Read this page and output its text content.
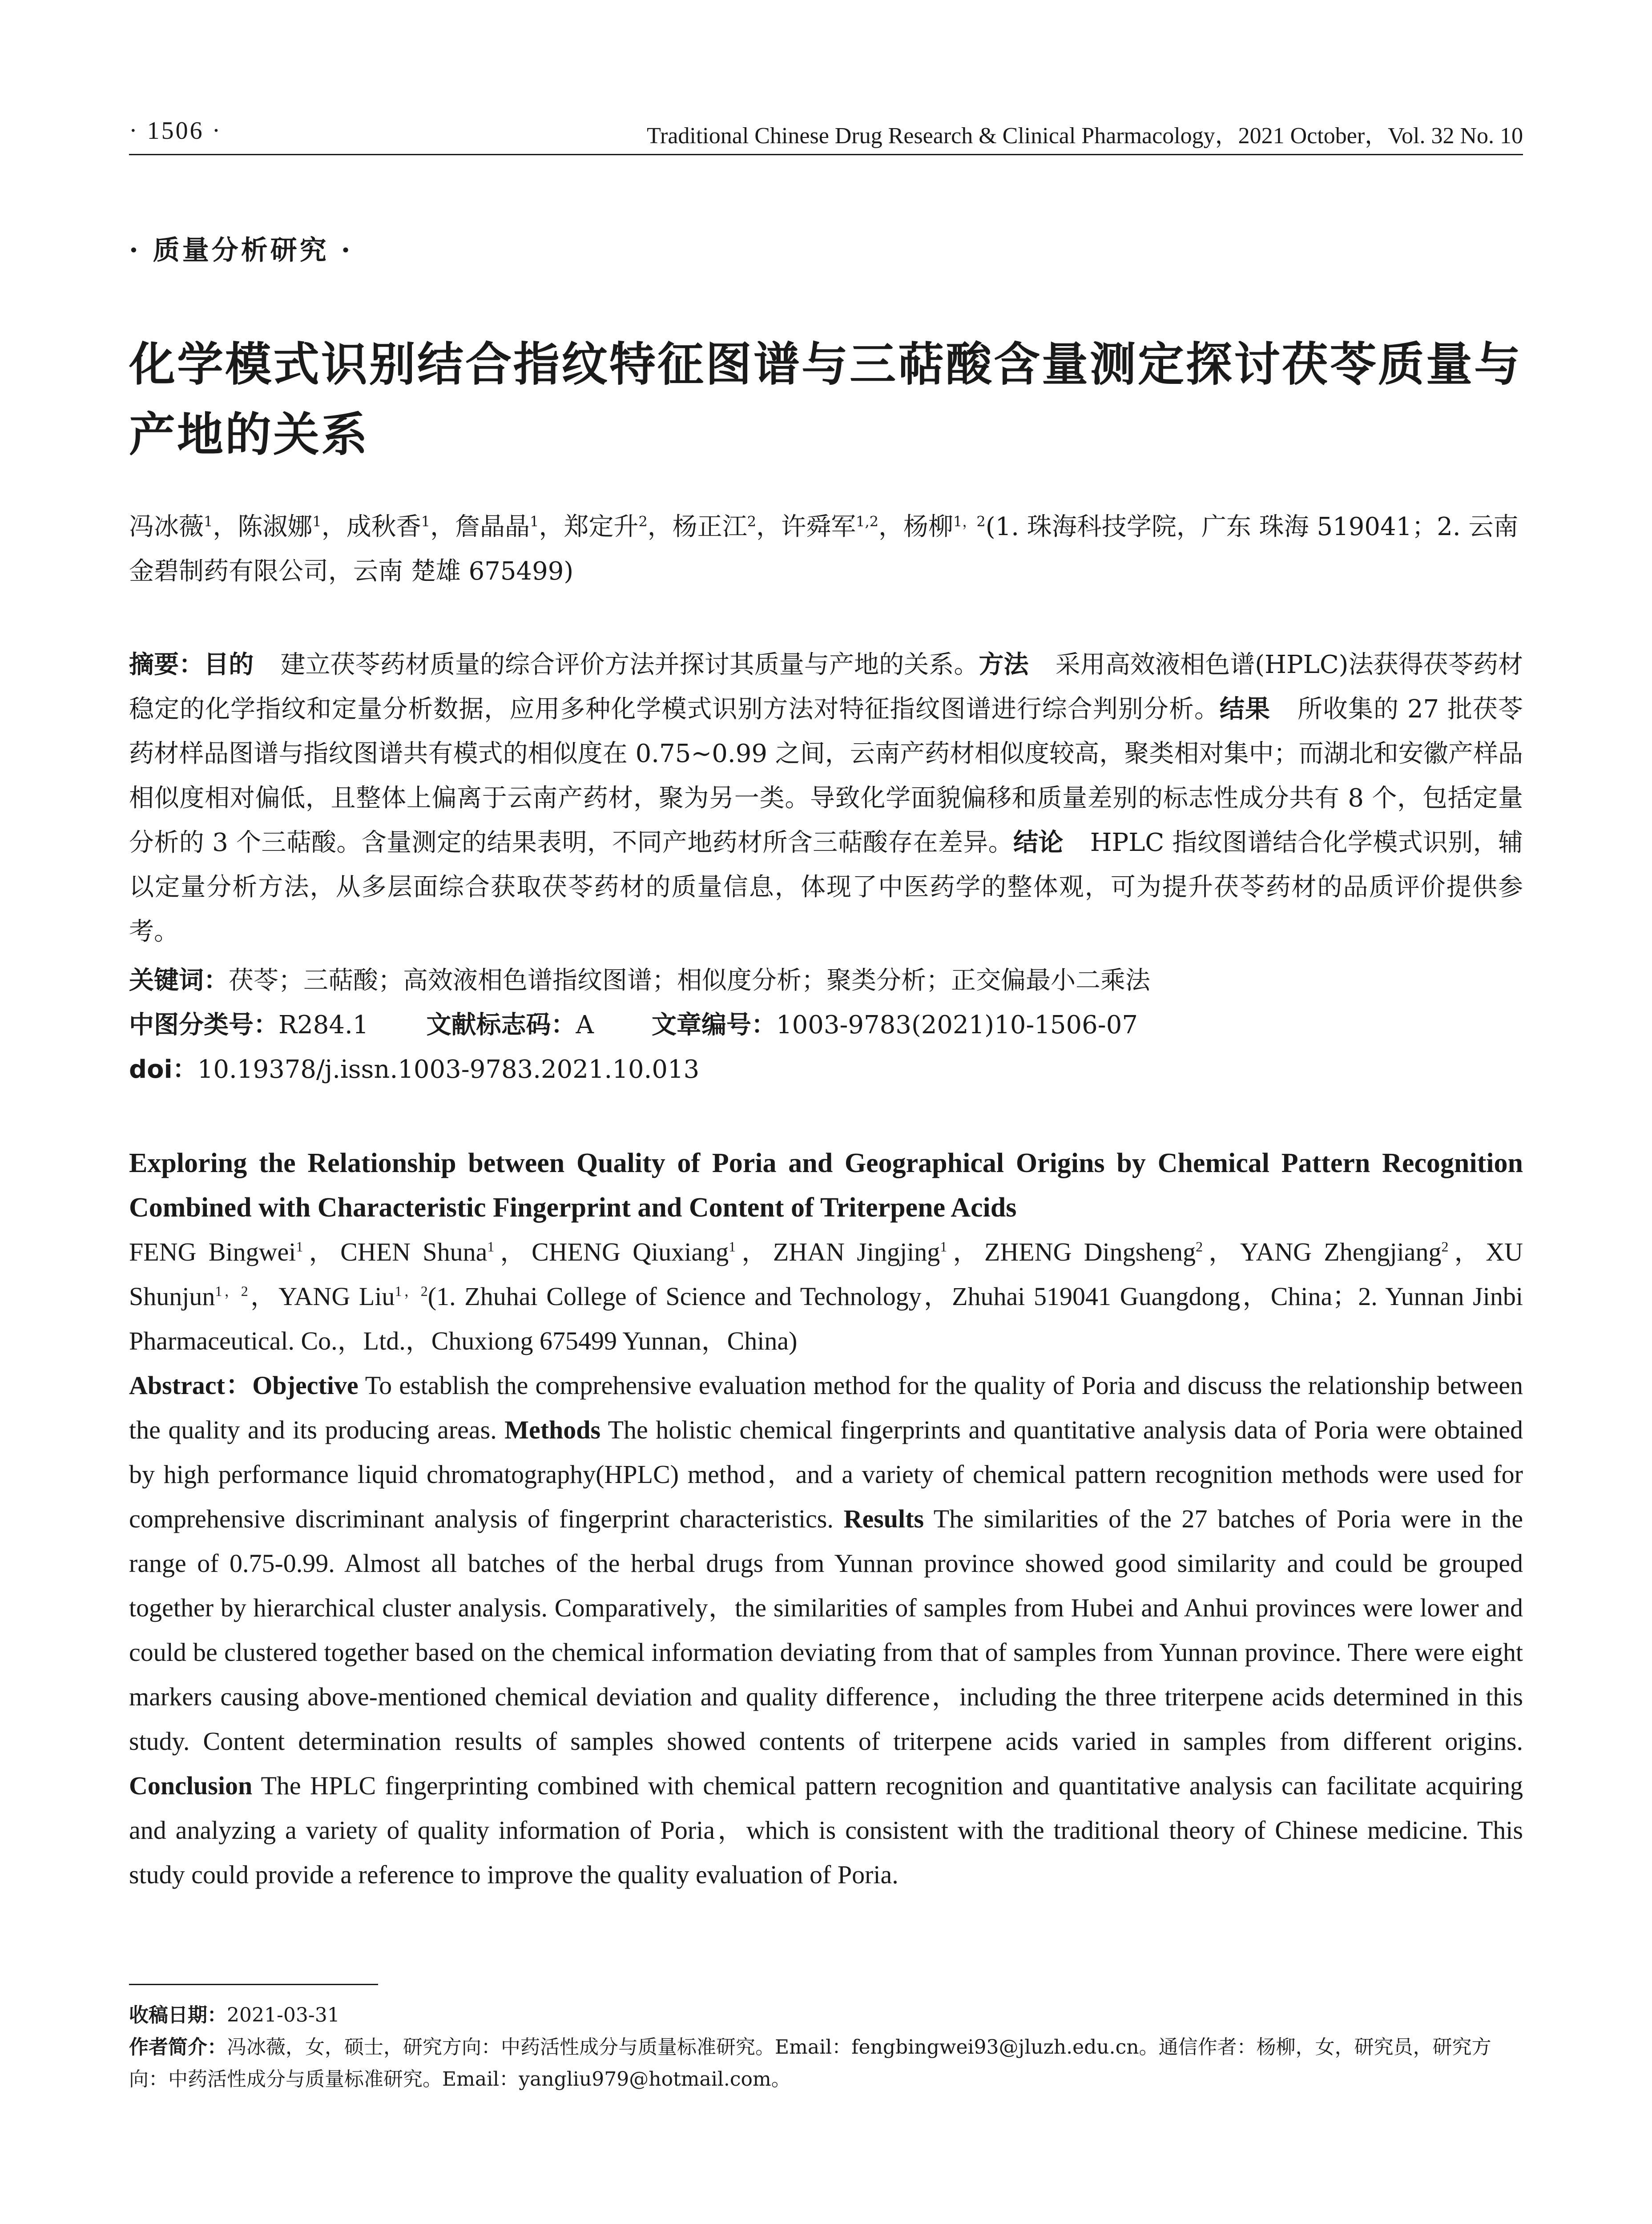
· 1506 ·	Traditional Chinese Drug Research & Clinical Pharmacology，2021 October，Vol. 32 No. 10
· 质量分析研究 ·
化学模式识别结合指纹特征图谱与三萜酸含量测定探讨茯苓质量与产地的关系
冯冰薇$^1$，陈淑娜$^1$，成秋香$^1$，詹晶晶$^1$，郑定升$^2$，杨正江$^2$，许舜军$^{1,2}$，杨柳$^{1,2}$(1. 珠海科技学院，广东 珠海 519041；2. 云南金碧制药有限公司，云南 楚雄 675499)
摘要：目的 建立茯苓药材质量的综合评价方法并探讨其质量与产地的关系。方法 采用高效液相色谱(HPLC)法获得茯苓药材稳定的化学指纹和定量分析数据，应用多种化学模式识别方法对特征指纹图谱进行综合判别分析。结果 所收集的 27 批茯苓药材样品图谱与指纹图谱共有模式的相似度在 0.75~0.99 之间，云南产药材相似度较高，聚类相对集中；而湖北和安徽产样品相似度相对偏低，且整体上偏离于云南产药材，聚为另一类。导致化学面貌偏移和质量差别的标志性成分共有 8 个，包括定量分析的 3 个三萜酸。含量测定的结果表明，不同产地药材所含三萜酸存在差异。结论 HPLC 指纹图谱结合化学模式识别，辅以定量分析方法，从多层面综合获取茯苓药材的质量信息，体现了中医药学的整体观，可为提升茯苓药材的品质评价提供参考。
关键词：茯苓；三萜酸；高效液相色谱指纹图谱；相似度分析；聚类分析；正交偏最小二乘法
中图分类号：R284.1 文献标志码：A 文章编号：1003-9783(2021)10-1506-07
doi：10.19378/j.issn.1003-9783.2021.10.013
Exploring the Relationship between Quality of Poria and Geographical Origins by Chemical Pattern Recognition Combined with Characteristic Fingerprint and Content of Triterpene Acids
FENG Bingwei$^1$，CHEN Shuna$^1$，CHENG Qiuxiang$^1$，ZHAN Jingjing$^1$，ZHENG Dingsheng$^2$，YANG Zhengjiang$^2$，XU Shunjun$^{1,2}$，YANG Liu$^{1,2}$(1. Zhuhai College of Science and Technology，Zhuhai 519041 Guangdong，China；2. Yunnan Jinbi Pharmaceutical. Co.，Ltd.，Chuxiong 675499 Yunnan，China)
Abstract：Objective To establish the comprehensive evaluation method for the quality of Poria and discuss the relationship between the quality and its producing areas. Methods The holistic chemical fingerprints and quantitative analysis data of Poria were obtained by high performance liquid chromatography(HPLC) method，and a variety of chemical pattern recognition methods were used for comprehensive discriminant analysis of fingerprint characteristics. Results The similarities of the 27 batches of Poria were in the range of 0.75-0.99. Almost all batches of the herbal drugs from Yunnan province showed good similarity and could be grouped together by hierarchical cluster analysis. Comparatively，the similarities of samples from Hubei and Anhui provinces were lower and could be clustered together based on the chemical information deviating from that of samples from Yunnan province. There were eight markers causing above-mentioned chemical deviation and quality difference，including the three triterpene acids determined in this study. Content determination results of samples showed contents of triterpene acids varied in samples from different origins. Conclusion The HPLC fingerprinting combined with chemical pattern recognition and quantitative analysis can facilitate acquiring and analyzing a variety of quality information of Poria，which is consistent with the traditional theory of Chinese medicine. This study could provide a reference to improve the quality evaluation of Poria.
收稿日期：2021-03-31
作者简介：冯冰薇，女，硕士，研究方向：中药活性成分与质量标准研究。Email：fengbingwei93@jluzh.edu.cn。通信作者：杨柳，女，研究员，研究方向：中药活性成分与质量标准研究。Email：yangliu979@hotmail.com。
